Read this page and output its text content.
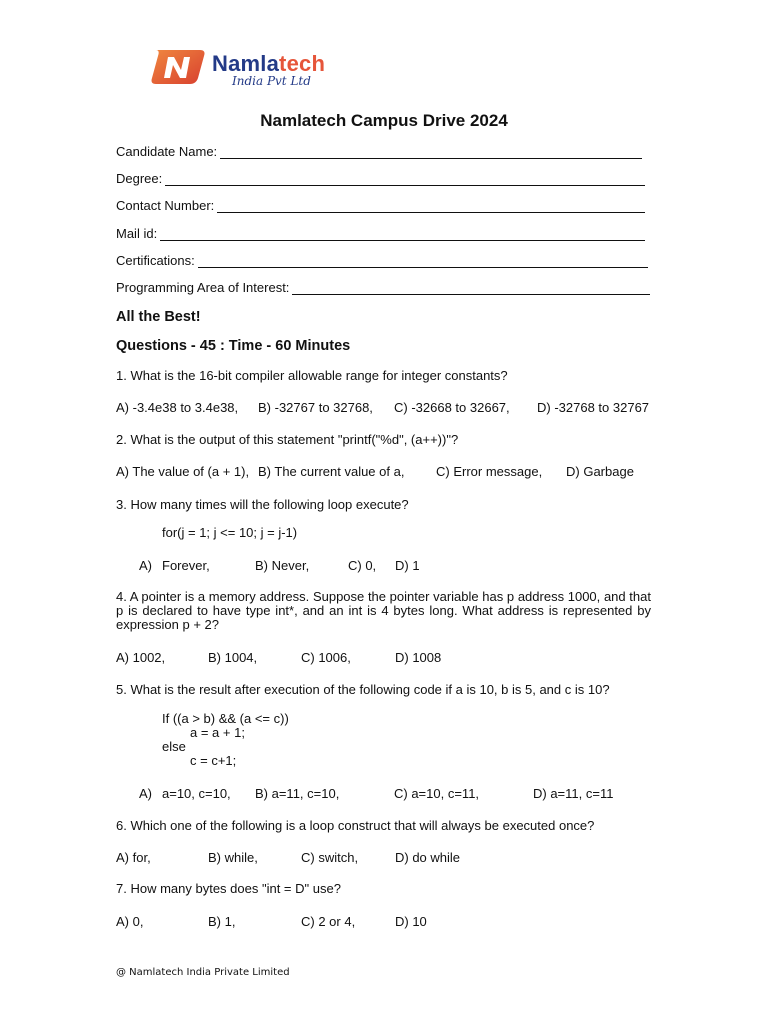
Namlatech
India Pvt Ltd
Namlatech Campus Drive 2024
Candidate Name:
Degree:
Contact Number:
Mail id:
Certifications:
Programming Area of Interest:
All the Best!
Questions - 45 : Time - 60 Minutes
1. What is the 16-bit compiler allowable range for integer constants?
A) -3.4e38 to 3.4e38, B) -32767 to 32768, C) -32668 to 32667, D) -32768 to 32767
2. What is the output of this statement "printf("%d", (a++))"?
A) The value of (a + 1), B) The current value of a, C) Error message, D) Garbage
3. How many times will the following loop execute?
for(j = 1; j <= 10; j = j-1)
A) Forever,	B) Never,	C) 0, D) 1
4. A pointer is a memory address. Suppose the pointer variable has p address 1000, and that p is declared to have type int*, and an int is 4 bytes long. What address is represented by expression p + 2?
A) 1002,	B) 1004,	C) 1006,	D) 1008
5. What is the result after execution of the following code if a is 10, b is 5, and c is 10?
If ((a > b) && (a <= c))
a = a + 1;
else
c = c+1;
A) a=10, c=10, B) a=11, c=10,	C) a=10, c=11,	D) a=11, c=11
6. Which one of the following is a loop construct that will always be executed once?
A) for,	B) while,	C) switch,	D) do while
7. How many bytes does "int = D" use?
A) 0,	B) 1,	C) 2 or 4,	D) 10
@ Namlatech India Private Limited
